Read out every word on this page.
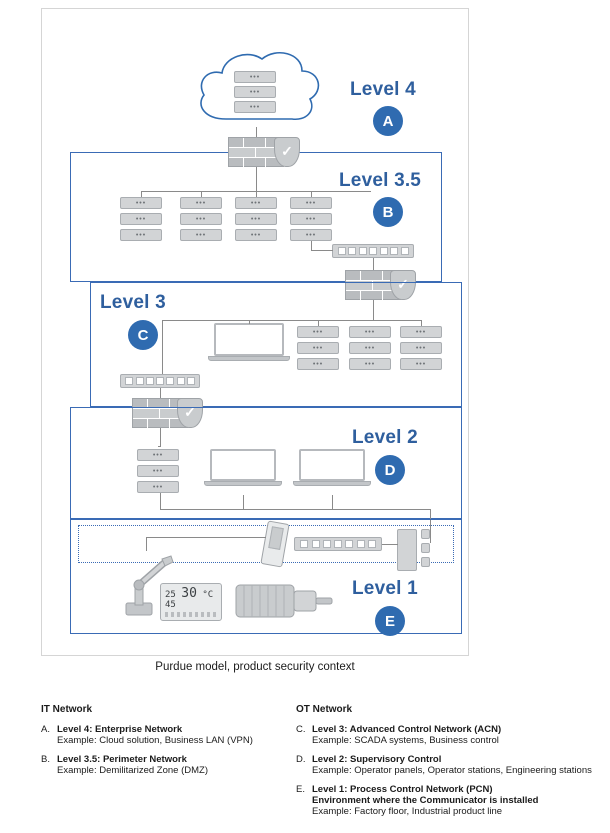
•••
•••
•••
Level 4
A
Level 3.5
B
✓
•••
•••
•••
•••
•••
•••
•••
•••
•••
•••
•••
•••
✓
Level 3
C
•••
•••
•••
•••
•••
•••
•••
•••
•••
✓
Level 2
D
•••
•••
•••
Level 1
E
25 30 °C
45
Purdue model, product security context
IT Network
A. Level 4: Enterprise Network
Example: Cloud solution, Business LAN (VPN)
B. Level 3.5: Perimeter Network
Example: Demilitarized Zone (DMZ)
OT Network
C. Level 3: Advanced Control Network (ACN)
Example: SCADA systems, Business control
D. Level 2: Supervisory Control
Example: Operator panels, Operator stations, Engineering stations
E. Level 1: Process Control Network (PCN)
Environment where the Communicator is installed
Example: Factory floor, Industrial product line
